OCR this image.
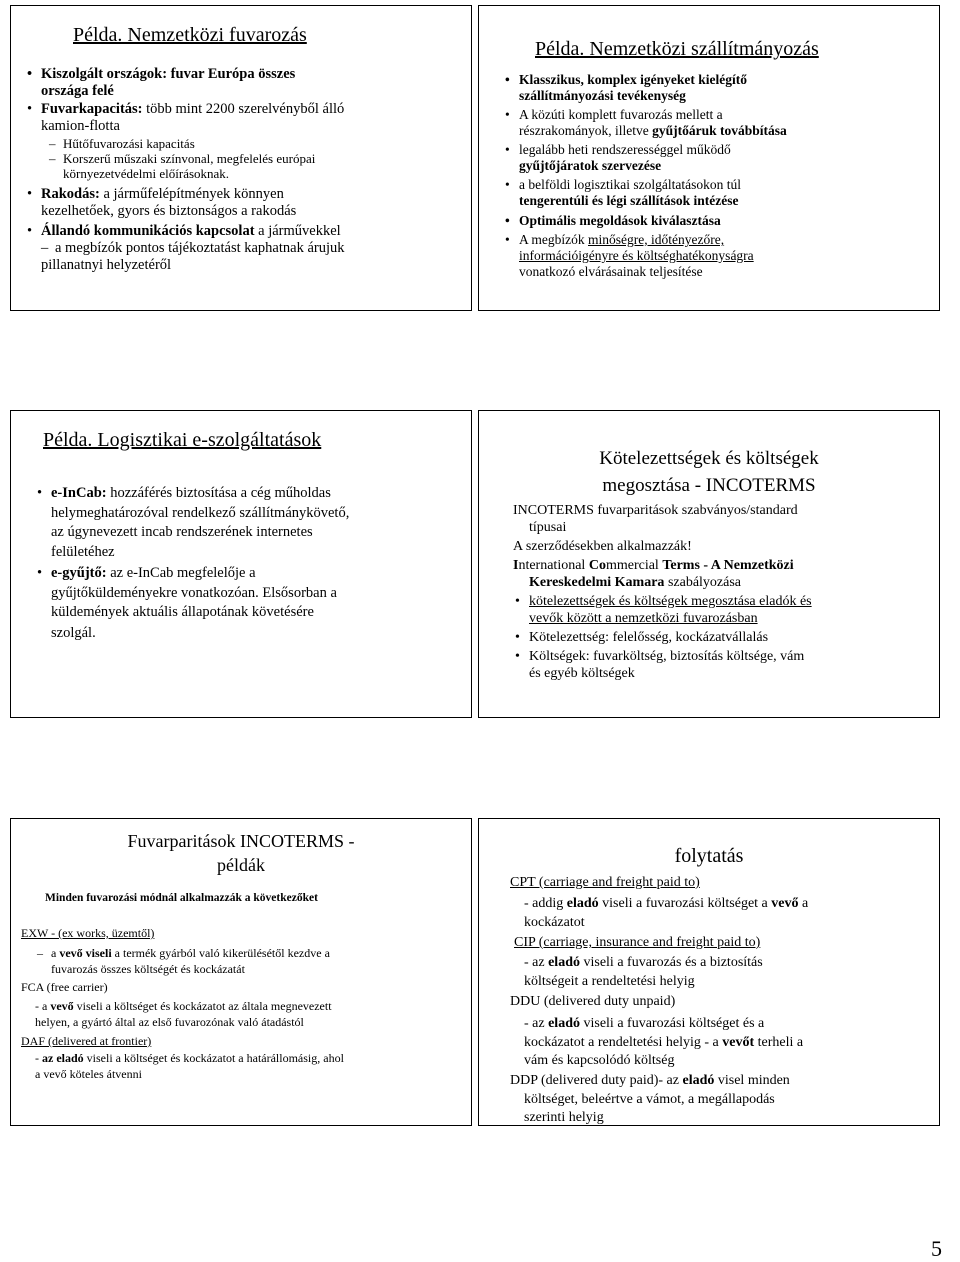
Példa. Nemzetközi fuvarozás
• Kiszolgált országok: fuvar Európa összes
országa felé
• Fuvarkapacitás: több mint 2200 szerelvényből álló
kamion-flotta
– Hűtőfuvarozási kapacitás
– Korszerű műszaki színvonal, megfelelés európai
környezetvédelmi előírásoknak.
• Rakodás: a járműfelépítmények könnyen
kezelhetőek, gyors és biztonságos a rakodás
• Állandó kommunikációs kapcsolat a járművekkel
– a megbízók pontos tájékoztatást kaphatnak árujuk
pillanatnyi helyzetéről
Példa. Nemzetközi szállítmányozás
• Klasszikus, komplex igényeket kielégítő
szállítmányozási tevékenység
• A közúti komplett fuvarozás mellett a
részrakományok, illetve gyűjtőáruk továbbítása
• legalább heti rendszerességgel működő
gyűjtőjáratok szervezése
• a belföldi logisztikai szolgáltatásokon túl
tengerentúli és légi szállítások intézése
• Optimális megoldások kiválasztása
• A megbízók minőségre, időtényezőre,
információigényre és költséghatékonyságra
vonatkozó elvárásainak teljesítése
Példa. Logisztikai e-szolgáltatások
• e-InCab: hozzáférés biztosítása a cég műholdas
helymeghatározóval rendelkező szállítmánykövető,
az úgynevezett incab rendszerének internetes
felületéhez
• e-gyűjtő: az e-InCab megfelelője a
gyűjtőküldeményekre vonatkozóan. Elsősorban a
küldemények aktuális állapotának követésére
szolgál.
Kötelezettségek és költségek
megosztása - INCOTERMS
INCOTERMS fuvarparitások szabványos/standard
típusai
A szerződésekben alkalmazzák!
International Commercial Terms - A Nemzetközi
Kereskedelmi Kamara szabályozása
• kötelezettségek és költségek megosztása eladók és
vevők között a nemzetközi fuvarozásban
• Kötelezettség: felelősség, kockázatvállalás
• Költségek: fuvarköltség, biztosítás költsége, vám
és egyéb költségek
Fuvarparitások INCOTERMS -
példák
Minden fuvarozási módnál alkalmazzák a következőket
EXW - (ex works, üzemtől)
– a vevő viseli a termék gyárból való kikerülésétől kezdve a
fuvarozás összes költségét és kockázatát
FCA (free carrier)
- a vevő viseli a költséget és kockázatot az általa megnevezett
helyen, a gyártó által az első fuvarozónak való átadástól
DAF (delivered at frontier)
- az eladó viseli a költséget és kockázatot a határállomásig, ahol
a vevő köteles átvenni
folytatás
CPT (carriage and freight paid to)
- addig eladó viseli a fuvarozási költséget a vevő a
kockázatot
CIP (carriage, insurance and freight paid to)
- az eladó viseli a fuvarozás és a biztosítás
költségeit a rendeltetési helyig
DDU (delivered duty unpaid)
- az eladó viseli a fuvarozási költséget és a
kockázatot a rendeltetési helyig - a vevőt terheli a
vám és kapcsolódó költség
DDP (delivered duty paid)- az eladó visel minden
költséget, beleértve a vámot, a megállapodás
szerinti helyig
5
